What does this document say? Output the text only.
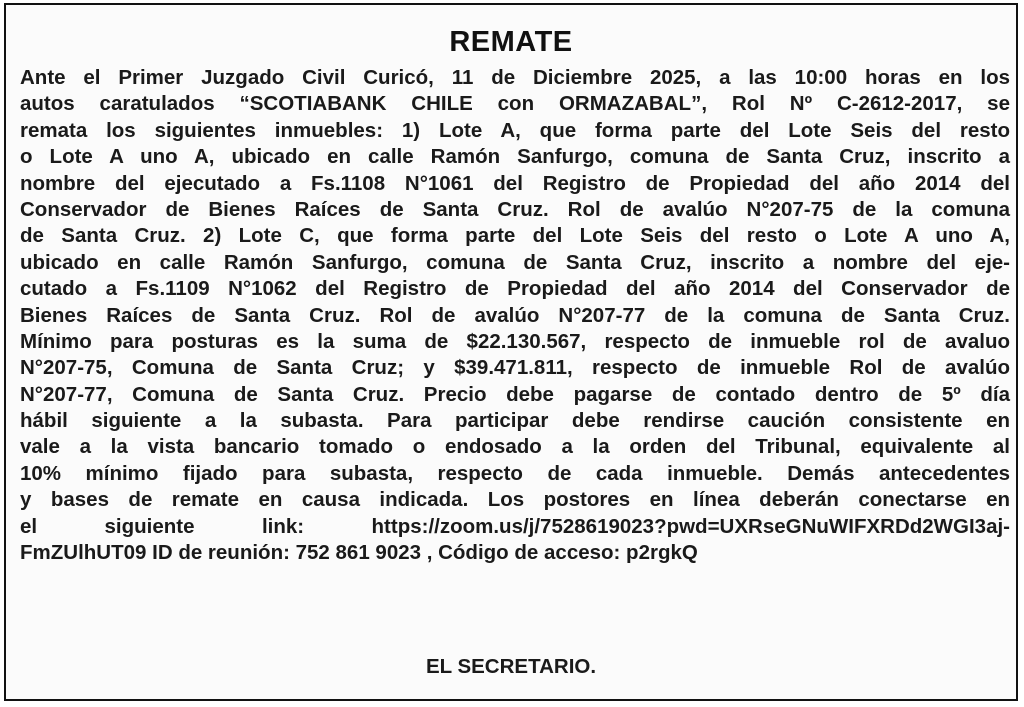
REMATE
Ante el Primer Juzgado Civil Curicó, 11 de Diciembre 2025, a las 10:00 horas en los
autos caratulados “SCOTIABANK CHILE con ORMAZABAL”, Rol Nº C-2612-2017, se
remata los siguientes inmuebles: 1) Lote A, que forma parte del Lote Seis del resto
o Lote A uno A, ubicado en calle Ramón Sanfurgo, comuna de Santa Cruz, inscrito a
nombre del ejecutado a Fs.1108 N°1061 del Registro de Propiedad del año 2014 del
Conservador de Bienes Raíces de Santa Cruz. Rol de avalúo N°207-75 de la comuna
de Santa Cruz. 2) Lote C, que forma parte del Lote Seis del resto o Lote A uno A,
ubicado en calle Ramón Sanfurgo, comuna de Santa Cruz, inscrito a nombre del eje-
cutado a Fs.1109 N°1062 del Registro de Propiedad del año 2014 del Conservador de
Bienes Raíces de Santa Cruz. Rol de avalúo N°207-77 de la comuna de Santa Cruz.
Mínimo para posturas es la suma de $22.130.567, respecto de inmueble rol de avaluo
N°207-75, Comuna de Santa Cruz; y $39.471.811, respecto de inmueble Rol de avalúo
N°207-77, Comuna de Santa Cruz. Precio debe pagarse de contado dentro de 5º día
hábil siguiente a la subasta. Para participar debe rendirse caución consistente en
vale a la vista bancario tomado o endosado a la orden del Tribunal, equivalente al
10% mínimo fijado para subasta, respecto de cada inmueble. Demás antecedentes
y bases de remate en causa indicada. Los postores en línea deberán conectarse en
el siguiente link: https://zoom.us/j/7528619023?pwd=UXRseGNuWIFXRDd2WGI3aj-
FmZUlhUT09 ID de reunión: 752 861 9023 , Código de acceso: p2rgkQ
EL SECRETARIO.
